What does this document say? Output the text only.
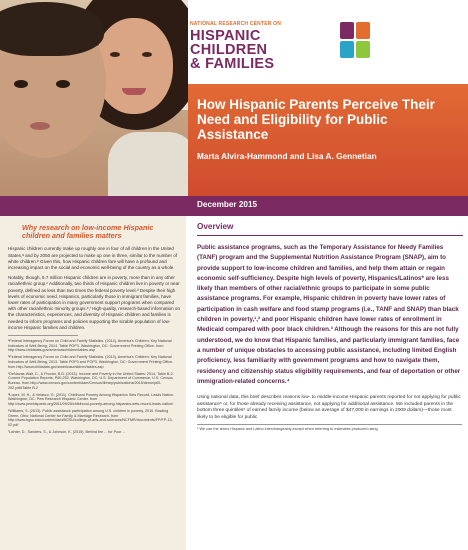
NATIONAL RESEARCH CENTER ON
HISPANIC
CHILDREN
& FAMILIES
How Hispanic Parents Perceive Their Need and Eligibility for Public Assistance
Marta Alvira-Hammond and Lisa A. Gennetian
December 2015
Why research on low-income Hispanic children and families matters

Hispanic children currently make up roughly one in four of all children in the United States,ᵃ and by 2050 are projected to make up one in three, similar to the number of white children.ᵇ Given this, how Hispanic children fare will have a profound and increasing impact on the social and economic well-being of the country as a whole.

Notably, though, 5.7 million Hispanic children are in poverty, more than in any other racial/ethnic group.ᶜ Additionally, two thirds of Hispanic children live in poverty or near poverty, defined as less than two times the federal poverty level.ᵈ Despite their high levels of economic need, Hispanics, particularly those in immigrant families, have lower rates of participation in many government support programs when compared with other racial/ethnic minority groups.ᵉ,ᶠ High-quality, research-based information on the characteristics, experiences, and diversity of Hispanic children and families is needed to inform programs and policies supporting the sizable population of low-income Hispanic families and children.

ᵃFederal Interagency Forum on Child and Family Statistics. (2014). America's Children: Key National Indicators of Well-Being, 2014. Table POP3. Washington, DC: Government Printing Office. from http://www.childstats.gov/americaschildren/tables.asp

ᵇFederal Interagency Forum on Child and Family Statistics. (2013). America's Children: Key National Indicators of Well-Being, 2013. Table POP3 and POP3. Washington, DC: Government Printing Office. from http://www.childstats.gov/americaschildren/tables.asp

ᶜDeNavas-Walt, C., & Proctor, B.D. (2015). Income and Poverty in the United States: 2014, Table B-2. Current Population Reports, P60-252. Washington, DC: U.S. Department of Commerce, U.S. Census Bureau. from http://www.census.gov/content/dam/Census/library/publications/2015/demo/p60-252.pdf#Table B-2

ᵈLopez, M. H., & Velasco, G. (2011). Childhood Poverty Among Hispanics Sets Record, Leads Nation. Washington, DC: Pew Research Hispanic Center. from http://www.pewhispanic.org/2011/09/28/childhood-poverty-among-hispanics-sets-record-leads-nation/

ᵉWilliams, S. (2013). Public assistance participation among U.S. children in poverty, 2010. Bowling Green, Ohio: National Center for Family & Marriage Research. from http://www.bgsu.edu/content/dam/BGSU/college-of-arts-and-sciences/NCFMR/documents/FP/FP-13-02.pdf

ᶠLichter, D., Sanders, S., & Johnson, K. (2015). Behind the ... for Poor ...

Overview

Public assistance programs, such as the Temporary Assistance for Needy Families (TANF) program and the Supplemental Nutrition Assistance Program (SNAP), aim to provide support to low-income children and families, and help them attain or regain economic self-sufficiency. Despite high levels of poverty, Hispanics/Latinos* are less likely than members of other racial/ethnic groups to participate in some public assistance programs. For example, Hispanic children in poverty have lower rates of participation in cash welfare and food stamp programs (i.e., TANF and SNAP) than black children in poverty,¹,² and poor Hispanic children have lower rates of enrollment in Medicaid compared with poor black children.³ Although the reasons for this are not fully understood, we do know that Hispanic families, and particularly immigrant families, face a number of unique obstacles to accessing public assistance, including limited English proficiency, less familiarity with government programs and how to navigate them, residency and citizenship status eligibility requirements, and fear of deportation or other immigration-related concerns.⁴

Using national data, this brief describes reasons low- to middle-income Hispanic parents reported for not applying for public assistance⁵ or, for those already receiving assistance, not applying for additional assistance. We included parents in the bottom three quintiles⁶ of earned family income (below an average of $47,000 in earnings in 2009 dollars)—those most likely to be eligible for public

* We use the terms Hispanic and Latino interchangeably except when referring to estimates produced using
